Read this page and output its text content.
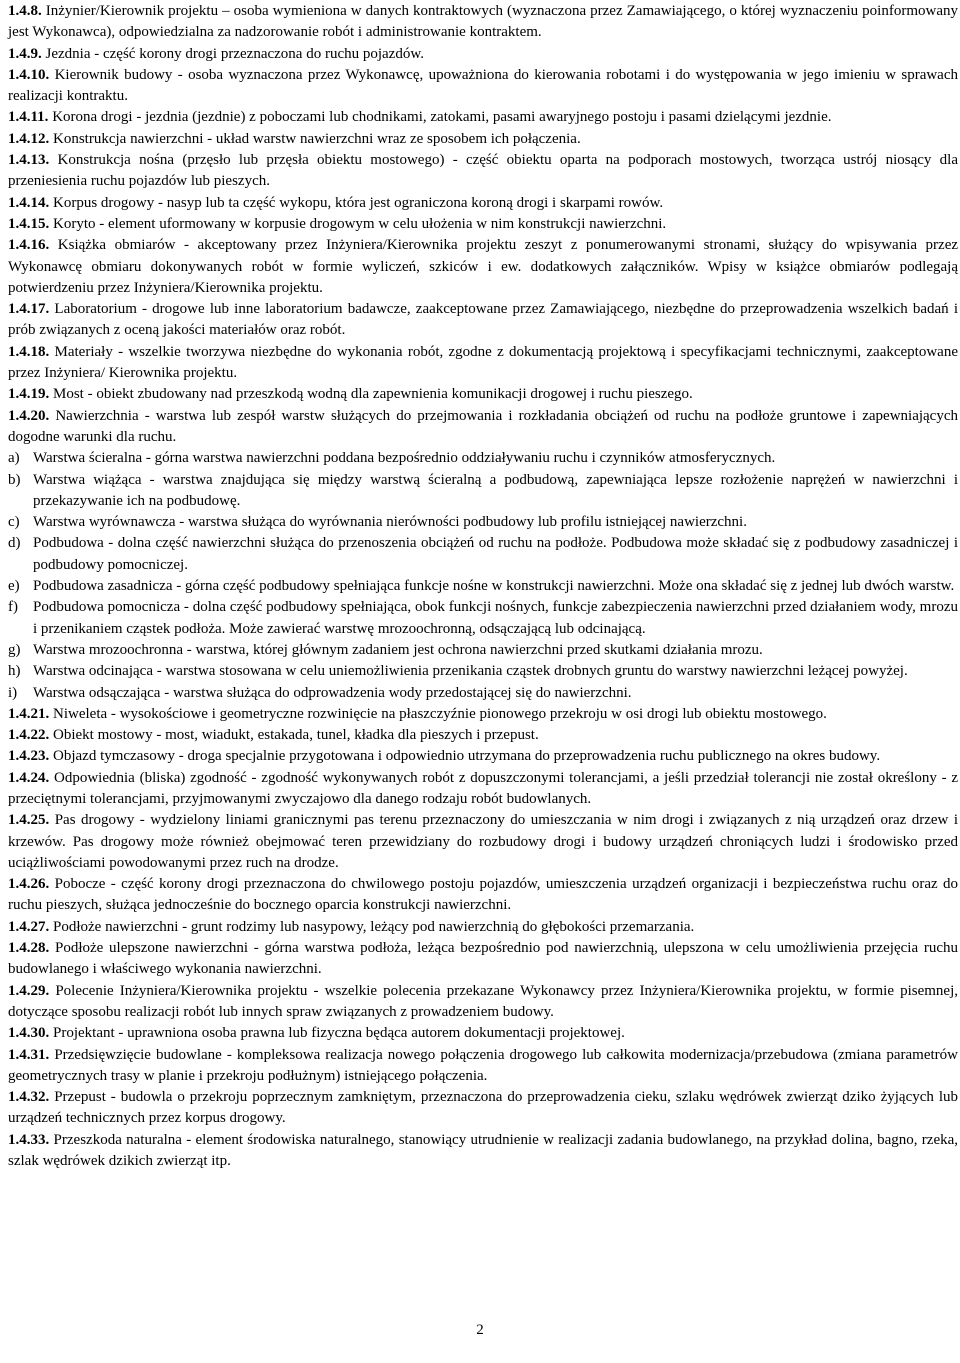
1.4.8. Inżynier/Kierownik projektu – osoba wymieniona w danych kontraktowych (wyznaczona przez Zamawiającego, o której wyznaczeniu poinformowany jest Wykonawca), odpowiedzialna za nadzorowanie robót i administrowanie kontraktem.

1.4.9. Jezdnia - część korony drogi przeznaczona do ruchu pojazdów.

1.4.10. Kierownik budowy - osoba wyznaczona przez Wykonawcę, upoważniona do kierowania robotami i do występowania w jego imieniu w sprawach realizacji kontraktu.

1.4.11. Korona drogi - jezdnia (jezdnie) z poboczami lub chodnikami, zatokami, pasami awaryjnego postoju i pasami dzielącymi jezdnie.

1.4.12. Konstrukcja nawierzchni - układ warstw nawierzchni wraz ze sposobem ich połączenia.

1.4.13. Konstrukcja nośna (przęsło lub przęsła obiektu mostowego) - część obiektu oparta na podporach mostowych, tworząca ustrój niosący dla przeniesienia ruchu pojazdów lub pieszych.

1.4.14. Korpus drogowy - nasyp lub ta część wykopu, która jest ograniczona koroną drogi i skarpami rowów.

1.4.15. Koryto - element uformowany w korpusie drogowym w celu ułożenia w nim konstrukcji nawierzchni.

1.4.16. Książka obmiarów - akceptowany przez Inżyniera/Kierownika projektu zeszyt z ponumerowanymi stronami, służący do wpisywania przez Wykonawcę obmiaru dokonywanych robót w formie wyliczeń, szkiców i ew. dodatkowych załączników. Wpisy w książce obmiarów podlegają potwierdzeniu przez Inżyniera/Kierownika projektu.

1.4.17. Laboratorium - drogowe lub inne laboratorium badawcze, zaakceptowane przez Zamawiającego, niezbędne do przeprowadzenia wszelkich badań i prób związanych z oceną jakości materiałów oraz robót.

1.4.18. Materiały - wszelkie tworzywa niezbędne do wykonania robót, zgodne z dokumentacją projektową i specyfikacjami technicznymi, zaakceptowane przez Inżyniera/ Kierownika projektu.

1.4.19. Most - obiekt zbudowany nad przeszkodą wodną dla zapewnienia komunikacji drogowej i ruchu pieszego.

1.4.20. Nawierzchnia - warstwa lub zespół warstw służących do przejmowania i rozkładania obciążeń od ruchu na podłoże gruntowe i zapewniających dogodne warunki dla ruchu.

a) Warstwa ścieralna - górna warstwa nawierzchni poddana bezpośrednio oddziaływaniu ruchu i czynników atmosferycznych.
b) Warstwa wiążąca - warstwa znajdująca się między warstwą ścieralną a podbudową, zapewniająca lepsze rozłożenie naprężeń w nawierzchni i przekazywanie ich na podbudowę.
c) Warstwa wyrównawcza - warstwa służąca do wyrównania nierówności podbudowy lub profilu istniejącej nawierzchni.
d) Podbudowa - dolna część nawierzchni służąca do przenoszenia obciążeń od ruchu na podłoże. Podbudowa może składać się z podbudowy zasadniczej i podbudowy pomocniczej.
e) Podbudowa zasadnicza - górna część podbudowy spełniająca funkcje nośne w konstrukcji nawierzchni. Może ona składać się z jednej lub dwóch warstw.
f)	Podbudowa pomocnicza - dolna część podbudowy spełniająca, obok funkcji nośnych, funkcje zabezpieczenia nawierzchni przed działaniem wody, mrozu i przenikaniem cząstek podłoża. Może zawierać warstwę mrozoochronną, odsączającą lub odcinającą.
g) Warstwa mrozoochronna - warstwa, której głównym zadaniem jest ochrona nawierzchni przed skutkami działania mrozu.
h) Warstwa odcinająca - warstwa stosowana w celu uniemożliwienia przenikania cząstek drobnych gruntu do warstwy nawierzchni leżącej powyżej.
i)	Warstwa odsączająca - warstwa służąca do odprowadzenia wody przedostającej się do nawierzchni.

1.4.21. Niweleta - wysokościowe i geometryczne rozwinięcie na płaszczyźnie pionowego przekroju w osi drogi lub obiektu mostowego.

1.4.22. Obiekt mostowy - most, wiadukt, estakada, tunel, kładka dla pieszych i przepust.

1.4.23. Objazd tymczasowy - droga specjalnie przygotowana i odpowiednio utrzymana do przeprowadzenia ruchu publicznego na okres budowy.

1.4.24. Odpowiednia (bliska) zgodność - zgodność wykonywanych robót z dopuszczonymi tolerancjami, a jeśli przedział tolerancji nie został określony - z przeciętnymi tolerancjami, przyjmowanymi zwyczajowo dla danego rodzaju robót budowlanych.

1.4.25. Pas drogowy - wydzielony liniami granicznymi pas terenu przeznaczony do umieszczania w nim drogi i związanych z nią urządzeń oraz drzew i krzewów. Pas drogowy może również obejmować teren przewidziany do rozbudowy drogi i budowy urządzeń chroniących ludzi i środowisko przed uciążliwościami powodowanymi przez ruch na drodze.

1.4.26. Pobocze - część korony drogi przeznaczona do chwilowego postoju pojazdów, umieszczenia urządzeń organizacji i bezpieczeństwa ruchu oraz do ruchu pieszych, służąca jednocześnie do bocznego oparcia konstrukcji nawierzchni.

1.4.27. Podłoże nawierzchni - grunt rodzimy lub nasypowy, leżący pod nawierzchnią do głębokości przemarzania.

1.4.28. Podłoże ulepszone nawierzchni - górna warstwa podłoża, leżąca bezpośrednio pod nawierzchnią, ulepszona w celu umożliwienia przejęcia ruchu budowlanego i właściwego wykonania nawierzchni.

1.4.29. Polecenie Inżyniera/Kierownika projektu - wszelkie polecenia przekazane Wykonawcy przez Inżyniera/Kierownika projektu, w formie pisemnej, dotyczące sposobu realizacji robót lub innych spraw związanych z prowadzeniem budowy.

1.4.30. Projektant - uprawniona osoba prawna lub fizyczna będąca autorem dokumentacji projektowej.

1.4.31. Przedsięwzięcie budowlane - kompleksowa realizacja nowego połączenia drogowego lub całkowita modernizacja/przebudowa (zmiana parametrów geometrycznych trasy w planie i przekroju podłużnym) istniejącego połączenia.

1.4.32. Przepust - budowla o przekroju poprzecznym zamkniętym, przeznaczona do przeprowadzenia cieku, szlaku wędrówek zwierząt dziko żyjących lub urządzeń technicznych przez korpus drogowy.

1.4.33. Przeszkoda naturalna - element środowiska naturalnego, stanowiący utrudnienie w realizacji zadania budowlanego, na przykład dolina, bagno, rzeka, szlak wędrówek dzikich zwierząt itp.

2
